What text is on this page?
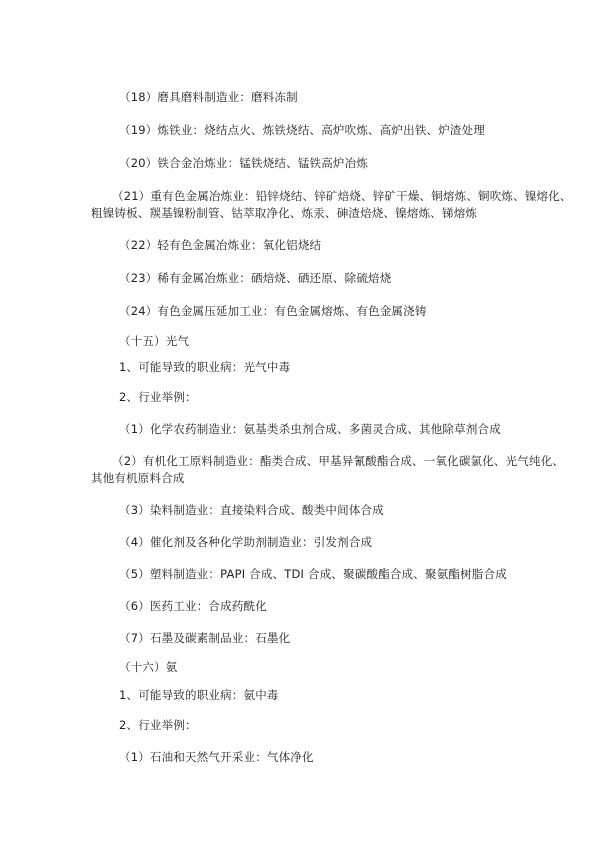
（18）磨具磨料制造业：磨料冻制
（19）炼铁业：烧结点火、炼铁烧结、高炉吹炼、高炉出铁、炉渣处理
（20）铁合金冶炼业：锰铁烧结、锰铁高炉冶炼
（21）重有色金属冶炼业：铅锌烧结、锌矿焙烧、锌矿干燥、铜熔炼、铜吹炼、镍熔化、
粗镍铸板、羰基镍粉制管、钴萃取净化、炼汞、砷渣焙烧、镍熔炼、锑熔炼
（22）轻有色金属冶炼业：氧化铝烧结
（23）稀有金属冶炼业：硒焙烧、硒还原、除硫焙烧
（24）有色金属压延加工业：有色金属熔炼、有色金属浇铸
（十五）光气
1、可能导致的职业病：光气中毒
2、行业举例：
（1）化学农药制造业：氨基类杀虫剂合成、多菌灵合成、其他除草剂合成
（2）有机化工原料制造业：酯类合成、甲基异氰酸酯合成、一氧化碳氯化、光气纯化、
其他有机原料合成
（3）染料制造业：直接染料合成、酸类中间体合成
（4）催化剂及各种化学助剂制造业：引发剂合成
（5）塑料制造业：PAPI 合成、TDI 合成、聚碳酸酯合成、聚氨酯树脂合成
（6）医药工业：合成药酰化
（7）石墨及碳素制品业：石墨化
（十六）氨
1、可能导致的职业病：氨中毒
2、行业举例：
（1）石油和天然气开采业：气体净化
